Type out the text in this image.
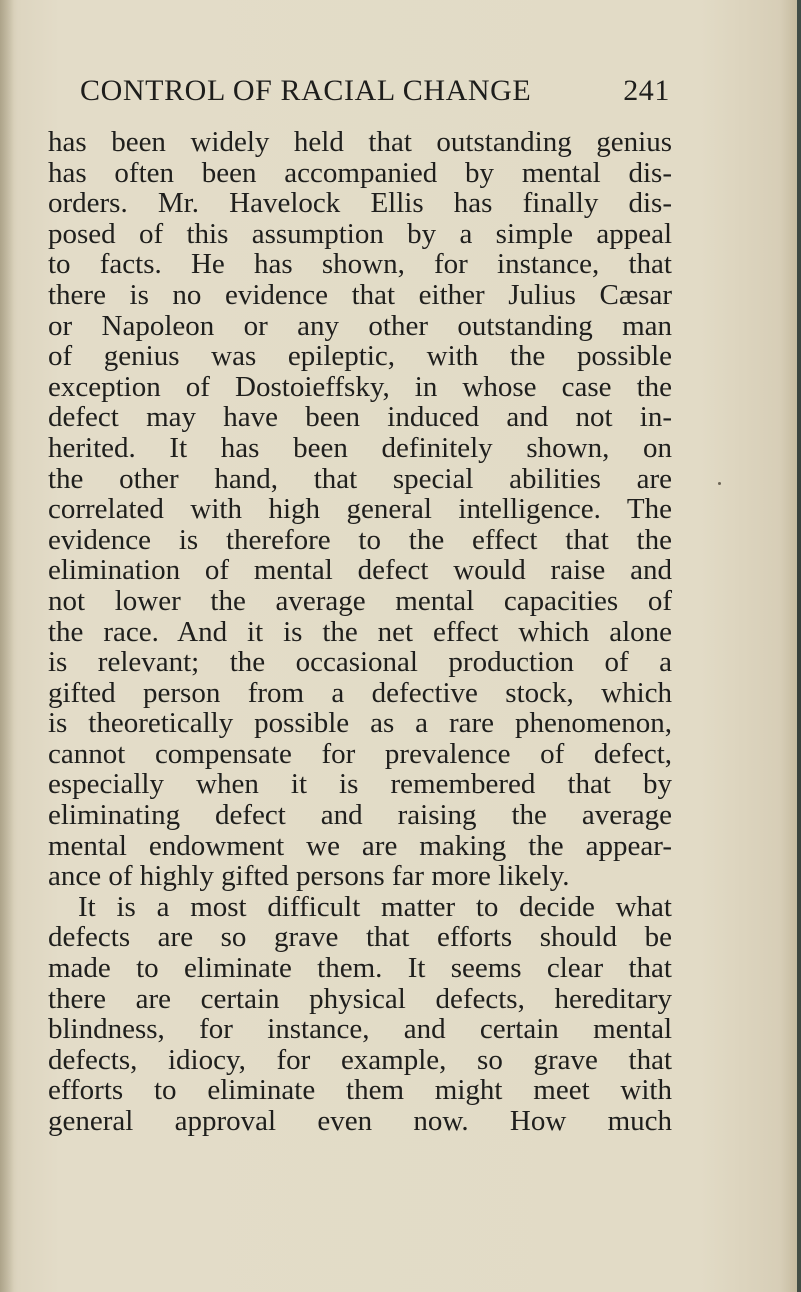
CONTROL OF RACIAL CHANGE	241
has been widely held that outstanding genius
has often been accompanied by mental dis-
orders. Mr. Havelock Ellis has finally dis-
posed of this assumption by a simple appeal
to facts. He has shown, for instance, that
there is no evidence that either Julius Cæsar
or Napoleon or any other outstanding man
of genius was epileptic, with the possible
exception of Dostoieffsky, in whose case the
defect may have been induced and not in-
herited. It has been definitely shown, on
the other hand, that special abilities are
correlated with high general intelligence. The
evidence is therefore to the effect that the
elimination of mental defect would raise and
not lower the average mental capacities of
the race. And it is the net effect which alone
is relevant; the occasional production of a
gifted person from a defective stock, which
is theoretically possible as a rare phenomenon,
cannot compensate for prevalence of defect,
especially when it is remembered that by
eliminating defect and raising the average
mental endowment we are making the appear-
ance of highly gifted persons far more likely.
It is a most difficult matter to decide what
defects are so grave that efforts should be
made to eliminate them. It seems clear that
there are certain physical defects, hereditary
blindness, for instance, and certain mental
defects, idiocy, for example, so grave that
efforts to eliminate them might meet with
general approval even now. How much
